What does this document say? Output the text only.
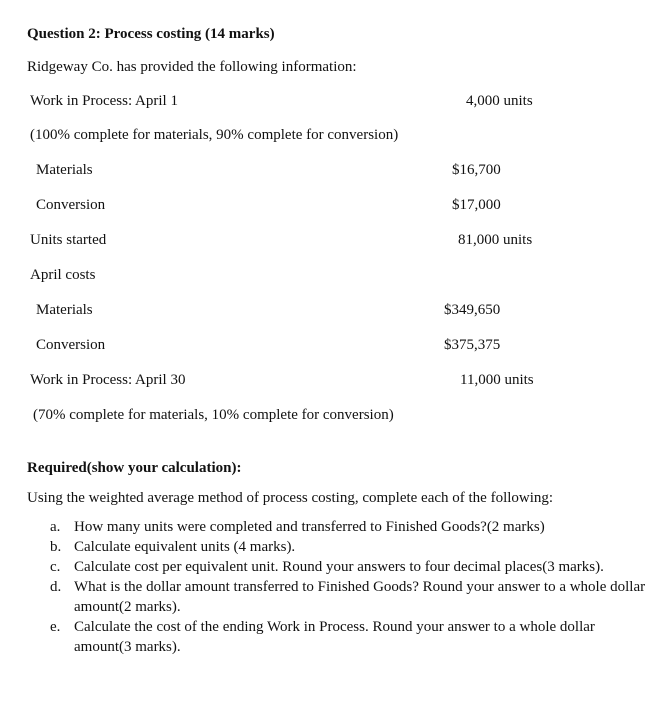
Question 2: Process costing (14 marks)
Ridgeway Co. has provided the following information:
Work in Process: April 1	4,000 units
(100% complete for materials, 90% complete for conversion)
Materials	$16,700
Conversion	$17,000
Units started	81,000 units
April costs
Materials	$349,650
Conversion	$375,375
Work in Process: April 30	11,000 units
(70% complete for materials, 10% complete for conversion)
Required(show your calculation):
Using the weighted average method of process costing, complete each of the following:
a. How many units were completed and transferred to Finished Goods?(2 marks)
b. Calculate equivalent units (4 marks).
c. Calculate cost per equivalent unit. Round your answers to four decimal places(3 marks).
d. What is the dollar amount transferred to Finished Goods? Round your answer to a whole dollar amount(2 marks).
e. Calculate the cost of the ending Work in Process. Round your answer to a whole dollar amount(3 marks).
